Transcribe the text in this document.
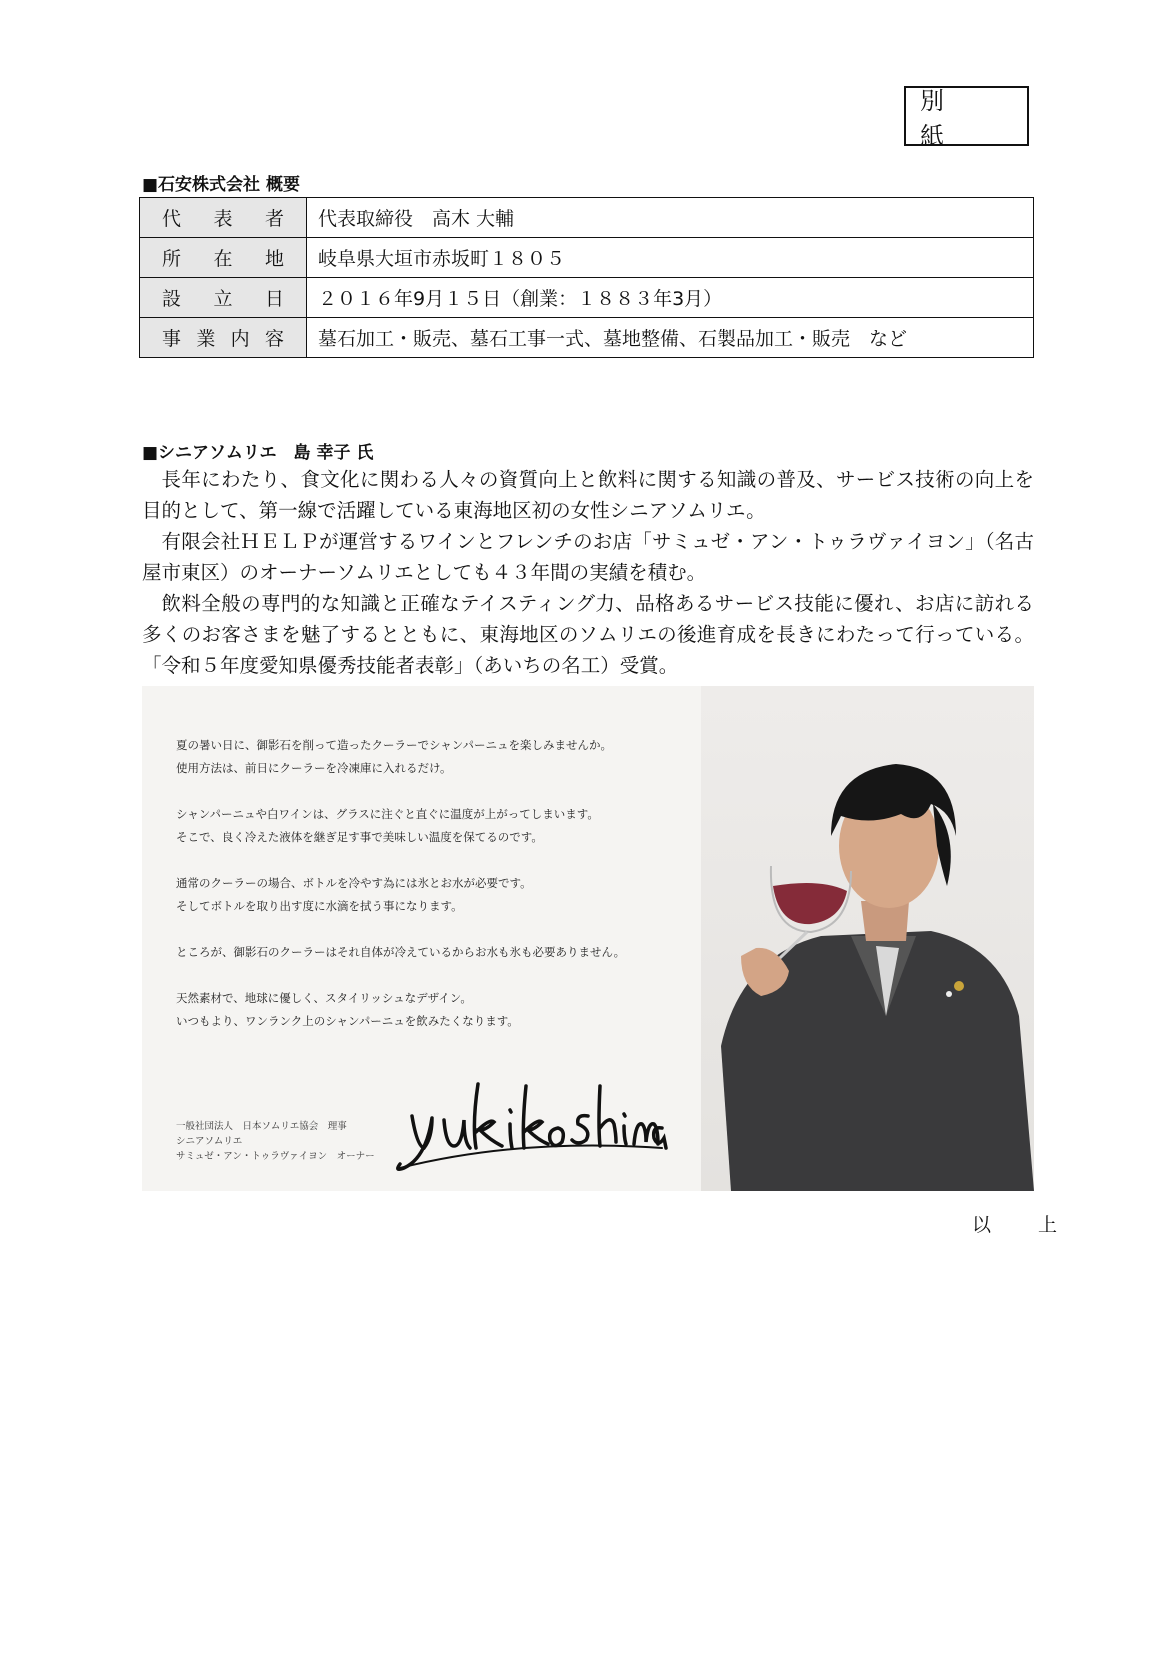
別　紙
■石安株式会社 概要
代表者	代表取締役　高木 大輔
所在地	岐阜県大垣市赤坂町１８０５
設立日	２０１６年9月１５日（創業：１８８３年3月）
事業内容	墓石加工・販売、墓石工事一式、墓地整備、石製品加工・販売　など
■シニアソムリエ　島 幸子 氏

長年にわたり、食文化に関わる人々の資質向上と飲料に関する知識の普及、サービス技術の向上を目的として、第一線で活躍している東海地区初の女性シニアソムリエ。

有限会社ＨＥＬＰが運営するワインとフレンチのお店「サミュゼ・アン・トゥラヴァイヨン」（名古屋市東区）のオーナーソムリエとしても４３年間の実績を積む。

飲料全般の専門的な知識と正確なテイスティング力、品格あるサービス技能に優れ、お店に訪れる多くのお客さまを魅了するとともに、東海地区のソムリエの後進育成を長きにわたって行っている。「令和５年度愛知県優秀技能者表彰」（あいちの名工）受賞。

夏の暑い日に、御影石を削って造ったクーラーでシャンパーニュを楽しみませんか。
使用方法は、前日にクーラーを冷凍庫に入れるだけ。
シャンパーニュや白ワインは、グラスに注ぐと直ぐに温度が上がってしまいます。
そこで、良く冷えた液体を継ぎ足す事で美味しい温度を保てるのです。
通常のクーラーの場合、ボトルを冷やす為には氷とお水が必要です。
そしてボトルを取り出す度に水滴を拭う事になります。
ところが、御影石のクーラーはそれ自体が冷えているからお水も氷も必要ありません。
天然素材で、地球に優しく、スタイリッシュなデザイン。
いつもより、ワンランク上のシャンパーニュを飲みたくなります。
一般社団法人　日本ソムリエ協会　理事
シニアソムリエ
サミュゼ・アン・トゥラヴァイヨン　オーナー
以　上
